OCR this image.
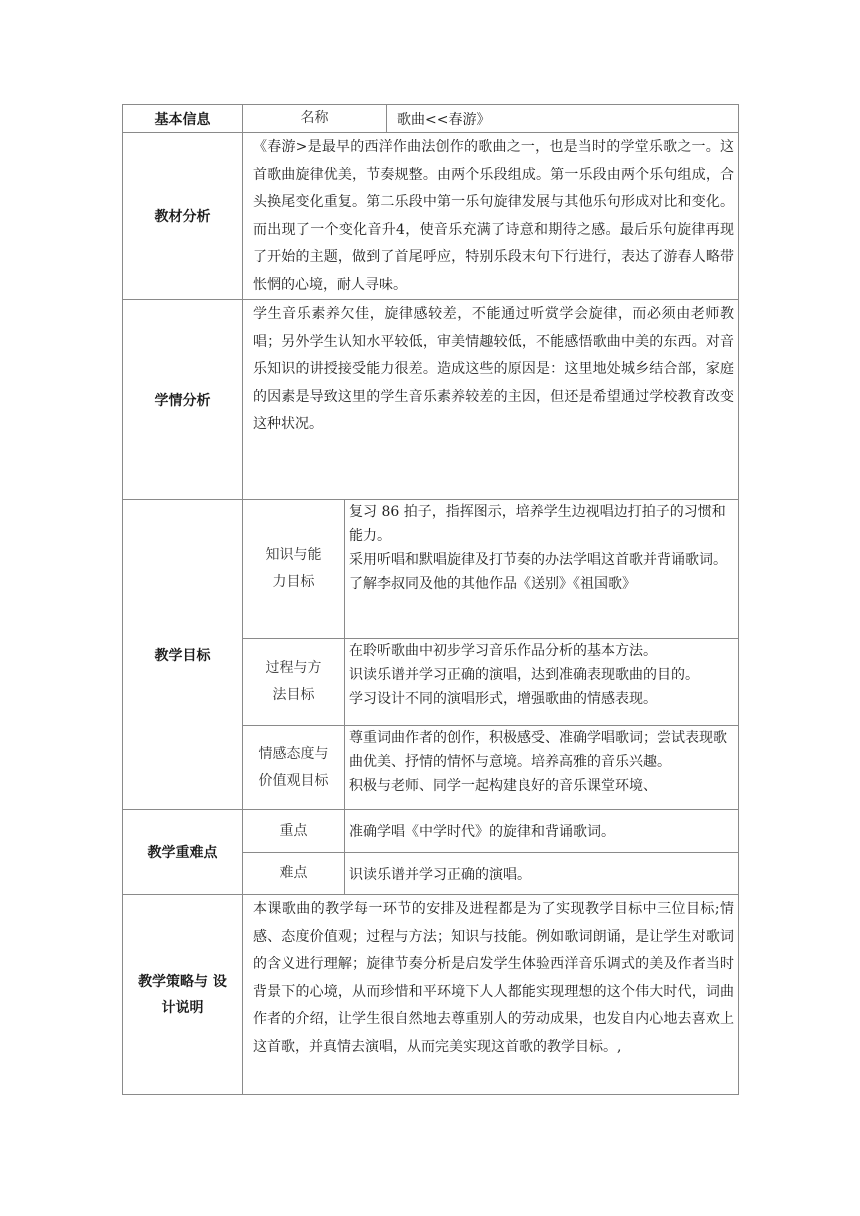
基本信息	名称		歌曲<<春游》
教材分析	《春游>是最早的西洋作曲法创作的歌曲之一，也是当时的学堂乐歌之一。这首歌曲旋律优美，节奏规整。由两个乐段组成。第一乐段由两个乐句组成，合头换尾变化重复。第二乐段中第一乐句旋律发展与其他乐句形成对比和变化。而出现了一个变化音升4，使音乐充满了诗意和期待之感。最后乐句旋律再现了开始的主题，做到了首尾呼应，特别乐段末句下行进行，表达了游春人略带怅惘的心境，耐人寻味。		
学情分析	学生音乐素养欠佳，旋律感较差，不能通过听赏学会旋律，而必须由老师教唱；另外学生认知水平较低，审美情趣较低，不能感悟歌曲中美的东西。对音乐知识的讲授接受能力很差。造成这些的原因是：这里地处城乡结合部，家庭的因素是导致这里的学生音乐素养较差的主因，但还是希望通过学校教育改变这种状况。		
教学目标	知识与能力目标	复习 86 拍子，指挥图示，培养学生边视唱边打拍子的习惯和能力。

采用听唱和默唱旋律及打节奏的办法学唱这首歌并背诵歌词。

了解李叔同及他的其他作品《送别》《祖国歌》	

	过程与方法目标	在聆听歌曲中初步学习音乐作品分析的基本方法。

识读乐谱并学习正确的演唱，达到准确表现歌曲的目的。

学习设计不同的演唱形式，增强歌曲的情感表现。	

	情感态度与价值观目标	尊重词曲作者的创作，积极感受、准确学唱歌词；尝试表现歌曲优美、抒情的情怀与意境。培养高雅的音乐兴趣。

积极与老师、同学一起构建良好的音乐课堂环境、	

教学重难点	重点	准确学唱《中学时代》的旋律和背诵歌词。	
	难点	识读乐谱并学习正确的演唱。	
教学策略与 设计说明	本课歌曲的教学每一环节的安排及进程都是为了实现教学目标中三位目标;情感、态度价值观；过程与方法；知识与技能。例如歌词朗诵，是让学生对歌词的含义进行理解；旋律节奏分析是启发学生体验西洋音乐调式的美及作者当时背景下的心境，从而珍惜和平环境下人人都能实现理想的这个伟大时代，词曲作者的介绍，让学生很自然地去尊重别人的劳动成果，也发自内心地去喜欢上这首歌，并真情去演唱，从而完美实现这首歌的教学目标。,		
